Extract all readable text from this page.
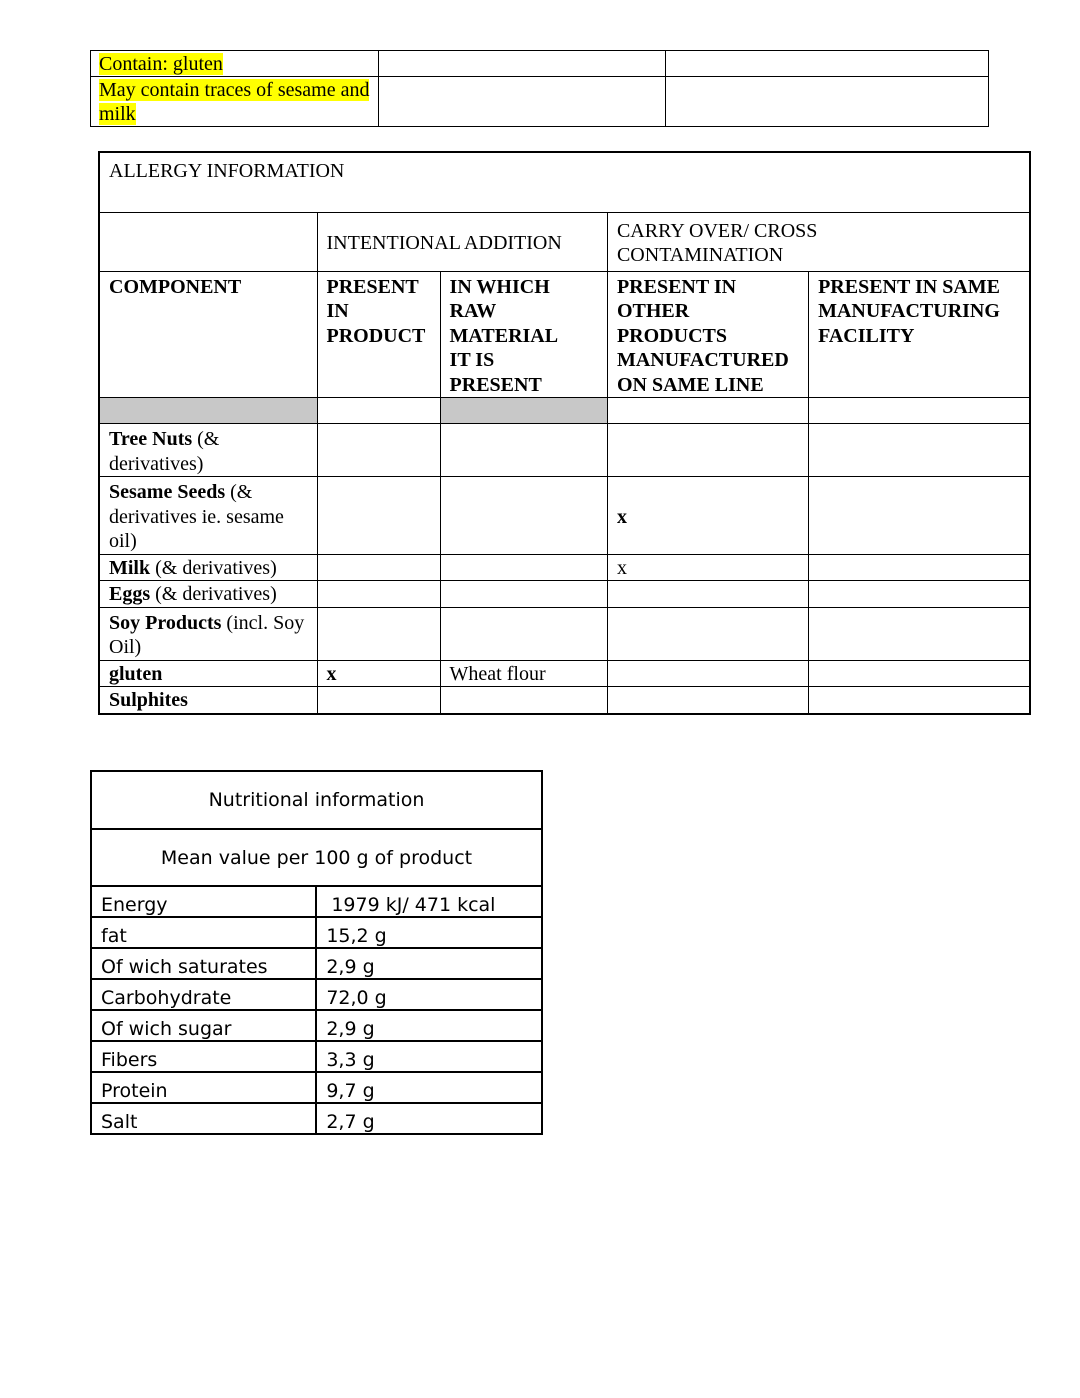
Contain: gluten		
May contain traces of sesame and milk		
ALLERGY INFORMATION				
	INTENTIONAL ADDITION		CARRY OVER/ CROSS CONTAMINATION	
COMPONENT	PRESENT IN PRODUCT	IN WHICH RAW MATERIAL IT IS PRESENT	PRESENT IN OTHER PRODUCTS MANUFACTURED ON SAME LINE	PRESENT IN SAME MANUFACTURING FACILITY

Tree Nuts (& derivatives)				
Sesame Seeds (& derivatives ie. sesame oil)			x	
Milk (& derivatives)			x	
Eggs (& derivatives)				
Soy Products (incl. Soy Oil)				
gluten	x	Wheat flour		
Sulphites				
Nutritional information	
Mean value per 100 g of product	
Energy	1979 kJ/ 471 kcal
fat	15,2 g
Of wich saturates	2,9 g
Carbohydrate	72,0 g
Of wich sugar	2,9 g
Fibers	3,3 g
Protein	9,7 g
Salt	2,7 g
